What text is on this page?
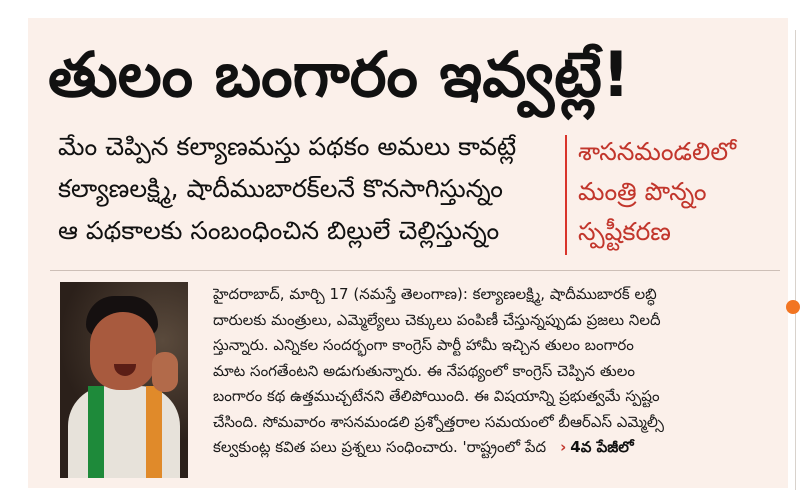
తులం బంగారం ఇవ్వట్లే!
మేం చెప్పిన కల్యాణమస్తు పథకం అమలు కావట్లే
కల్యాణలక్ష్మి, షాదీముబారక్‌లనే కొనసాగిస్తున్నం
ఆ పథకాలకు సంబంధించిన బిల్లులే చెల్లిస్తున్నం
శాసనమండలిలో
మంత్రి పొన్నం
స్పష్టీకరణ
హైదరాబాద్, మార్చి 17 (నమస్తే తెలంగాణ): కల్యాణలక్ష్మి, షాదీముబారక్ లబ్ధి
దారులకు మంత్రులు, ఎమ్మెల్యేలు చెక్కులు పంపిణీ చేస్తున్నప్పుడు ప్రజలు నిలదీ
స్తున్నారు. ఎన్నికల సందర్భంగా కాంగ్రెస్ పార్టీ హామీ ఇచ్చిన తులం బంగారం
మాట సంగతేంటని అడుగుతున్నారు. ఈ నేపథ్యంలో కాంగ్రెస్ చెప్పిన తులం
బంగారం కథ ఉత్తముచ్చటేనని తేలిపోయింది. ఈ విషయాన్ని ప్రభుత్వమే స్పష్టం
చేసింది. సోమవారం శాసనమండలి ప్రశ్నోత్తరాల సమయంలో బీఆర్‌ఎస్ ఎమ్మెల్సీ
కల్వకుంట్ల కవిత పలు ప్రశ్నలు సంధించారు. 'రాష్ట్రంలో పేద › 4వ పేజీలో
